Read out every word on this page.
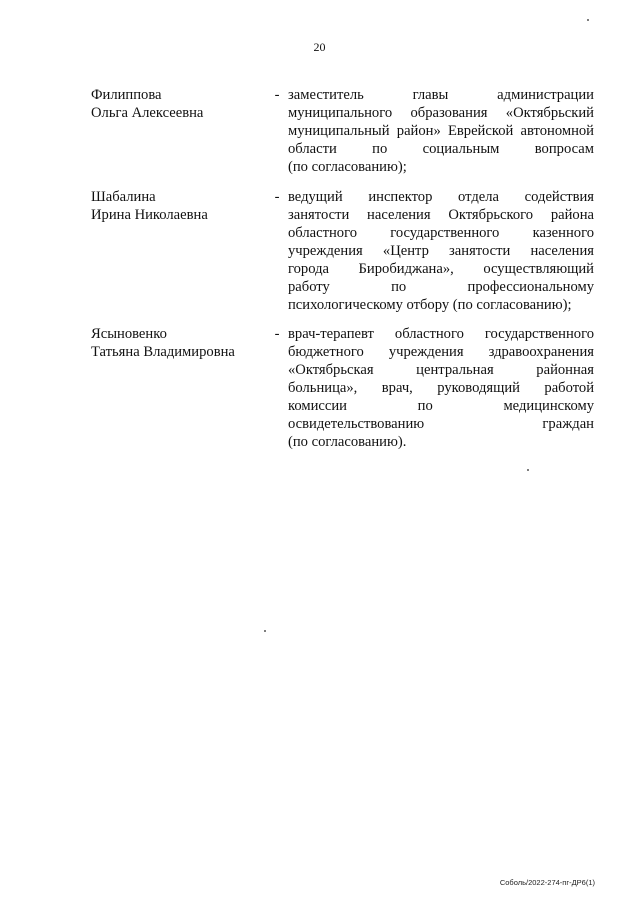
20
Филиппова
Ольга Алексеевна
- заместитель главы администрации
муниципального образования «Октябрьский
муниципальный район» Еврейской автономной
области по социальным вопросам
(по согласованию);
Шабалина
Ирина Николаевна
- ведущий инспектор отдела содействия
занятости населения Октябрьского района
областного государственного казенного
учреждения «Центр занятости населения
города Биробиджана», осуществляющий
работу по профессиональному
психологическому отбору (по согласованию);
Ясыновенко
Татьяна Владимировна
- врач-терапевт областного государственного
бюджетного учреждения здравоохранения
«Октябрьская центральная районная
больница», врач, руководящий работой
комиссии по медицинскому
освидетельствованию граждан
(по согласованию).
Соболь/2022-274-пг-ДР6(1)
